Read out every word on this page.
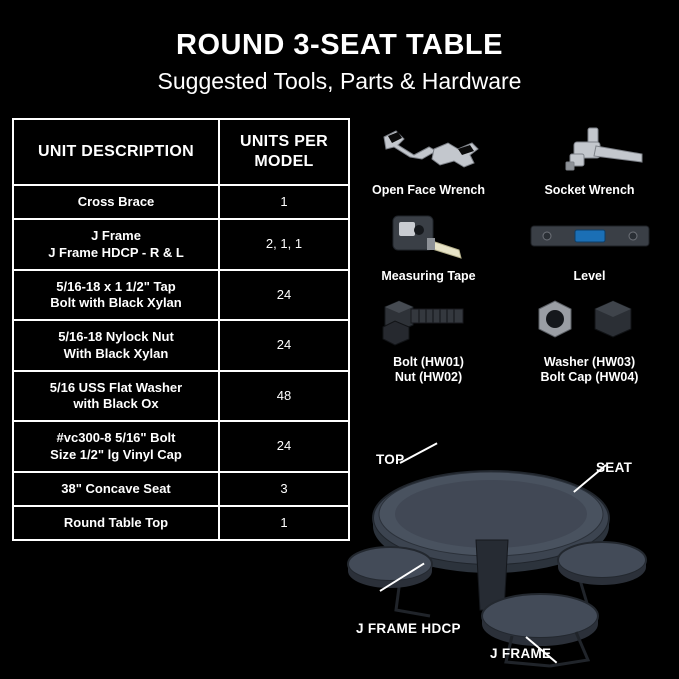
ROUND 3-SEAT TABLE
Suggested Tools, Parts & Hardware
UNIT DESCRIPTION	UNITS PER MODEL
Cross Brace	1
J Frame
J Frame HDCP - R & L	2, 1, 1
5/16-18 x 1 1/2" Tap
Bolt with Black Xylan	24
5/16-18 Nylock Nut
With Black Xylan	24
5/16 USS Flat Washer
with Black Ox	48
#vc300-8 5/16" Bolt
Size 1/2" lg Vinyl Cap	24
38" Concave Seat	3
Round Table Top	1
Open Face Wrench	Socket Wrench
Measuring Tape	Level
Bolt (HW01)
Nut (HW02)
Washer (HW03)
Bolt Cap (HW04)
TOP
SEAT
J FRAME HDCP
J FRAME
